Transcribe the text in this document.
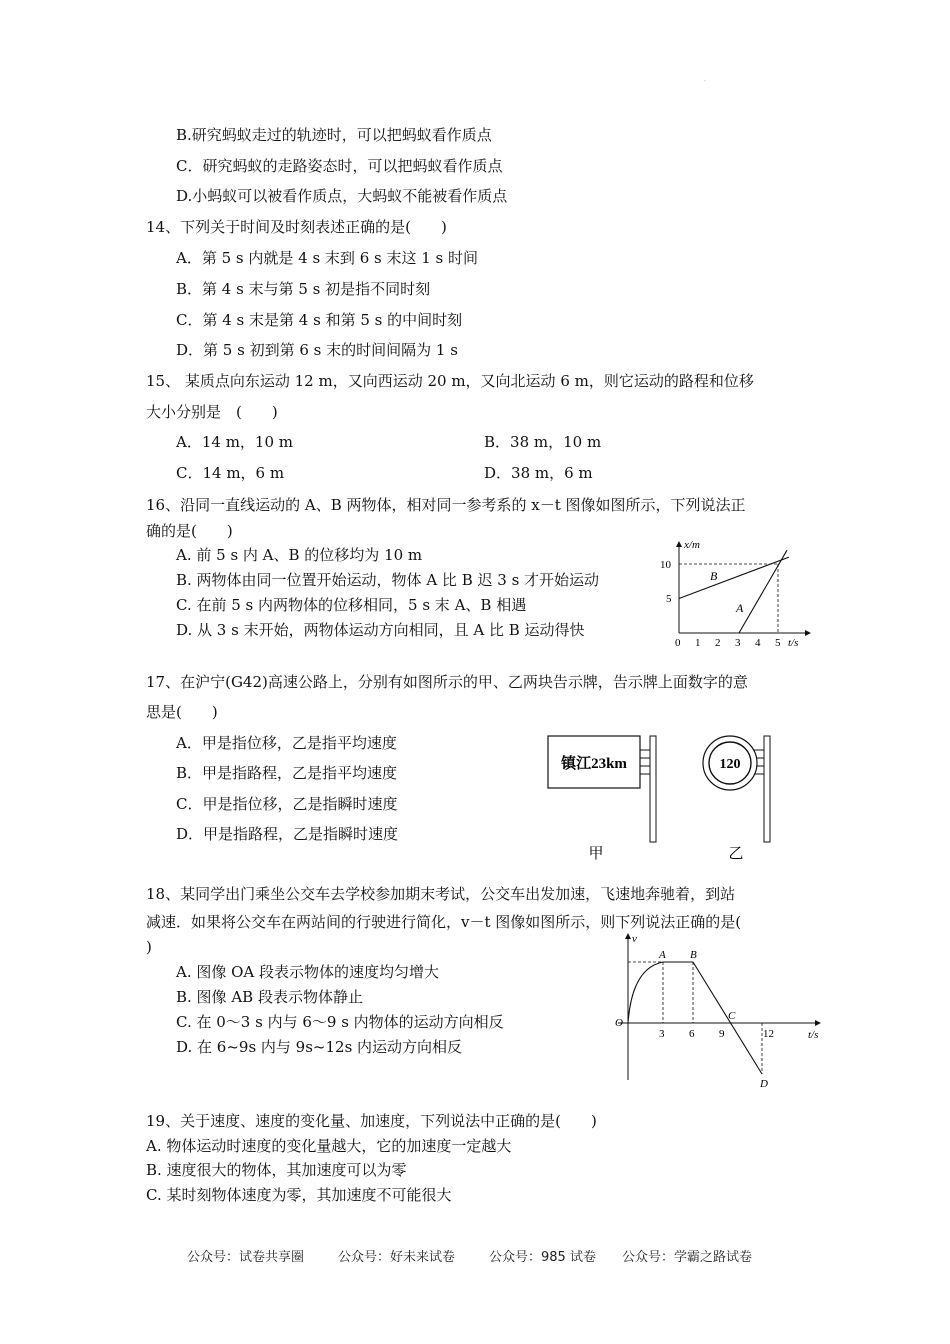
.
B.研究蚂蚁走过的轨迹时，可以把蚂蚁看作质点
C．研究蚂蚁的走路姿态时，可以把蚂蚁看作质点
D.小蚂蚁可以被看作质点，大蚂蚁不能被看作质点
14、下列关于时间及时刻表述正确的是(　　)
A．第 5 s 内就是 4 s 末到 6 s 末这 1 s 时间
B．第 4 s 末与第 5 s 初是指不同时刻
C．第 4 s 末是第 4 s 和第 5 s 的中间时刻
D．第 5 s 初到第 6 s 末的时间间隔为 1 s
15、 某质点向东运动 12 m，又向西运动 20 m，又向北运动 6 m，则它运动的路程和位移
大小分别是　(　　)
A．14 m，10 m	B．38 m，10 m
C．14 m，6 m	D．38 m，6 m
16、沿同一直线运动的 A、B 两物体，相对同一参考系的 x－t 图像如图所示，下列说法正
确的是(　　)
A. 前 5 s 内 A、B 的位移均为 10 m
B. 两物体由同一位置开始运动，物体 A 比 B 迟 3 s 才开始运动
C. 在前 5 s 内两物体的位移相同，5 s 末 A、B 相遇
D. 从 3 s 末开始，两物体运动方向相同，且 A 比 B 运动得快
x/m
t/s
10
5
0 1 2 3 4 5
B
A
17、在沪宁(G42)高速公路上，分别有如图所示的甲、乙两块告示牌，告示牌上面数字的意
思是(　　)
A．甲是指位移，乙是指平均速度
B．甲是指路程，乙是指平均速度
C．甲是指位移，乙是指瞬时速度
D．甲是指路程，乙是指瞬时速度
镇江23km	120
甲	乙
18、某同学出门乘坐公交车去学校参加期末考试，公交车出发加速，飞速地奔驰着，到站
减速．如果将公交车在两站间的行驶进行简化，v－t 图像如图所示，则下列说法正确的是(
)
A. 图像 OA 段表示物体的速度均匀增大
B. 图像 AB 段表示物体静止
C. 在 0～3 s 内与 6～9 s 内物体的运动方向相反
D. 在 6~9s 内与 9s~12s 内运动方向相反
v
t/s
O
A B
C
D
3 6 9	12
19、关于速度、速度的变化量、加速度，下列说法中正确的是(　　)
A. 物体运动时速度的变化量越大，它的加速度一定越大
B. 速度很大的物体，其加速度可以为零
C. 某时刻物体速度为零，其加速度不可能很大
公众号：试卷共享圈	公众号：好未来试卷	公众号：985 试卷 公众号：学霸之路试卷
